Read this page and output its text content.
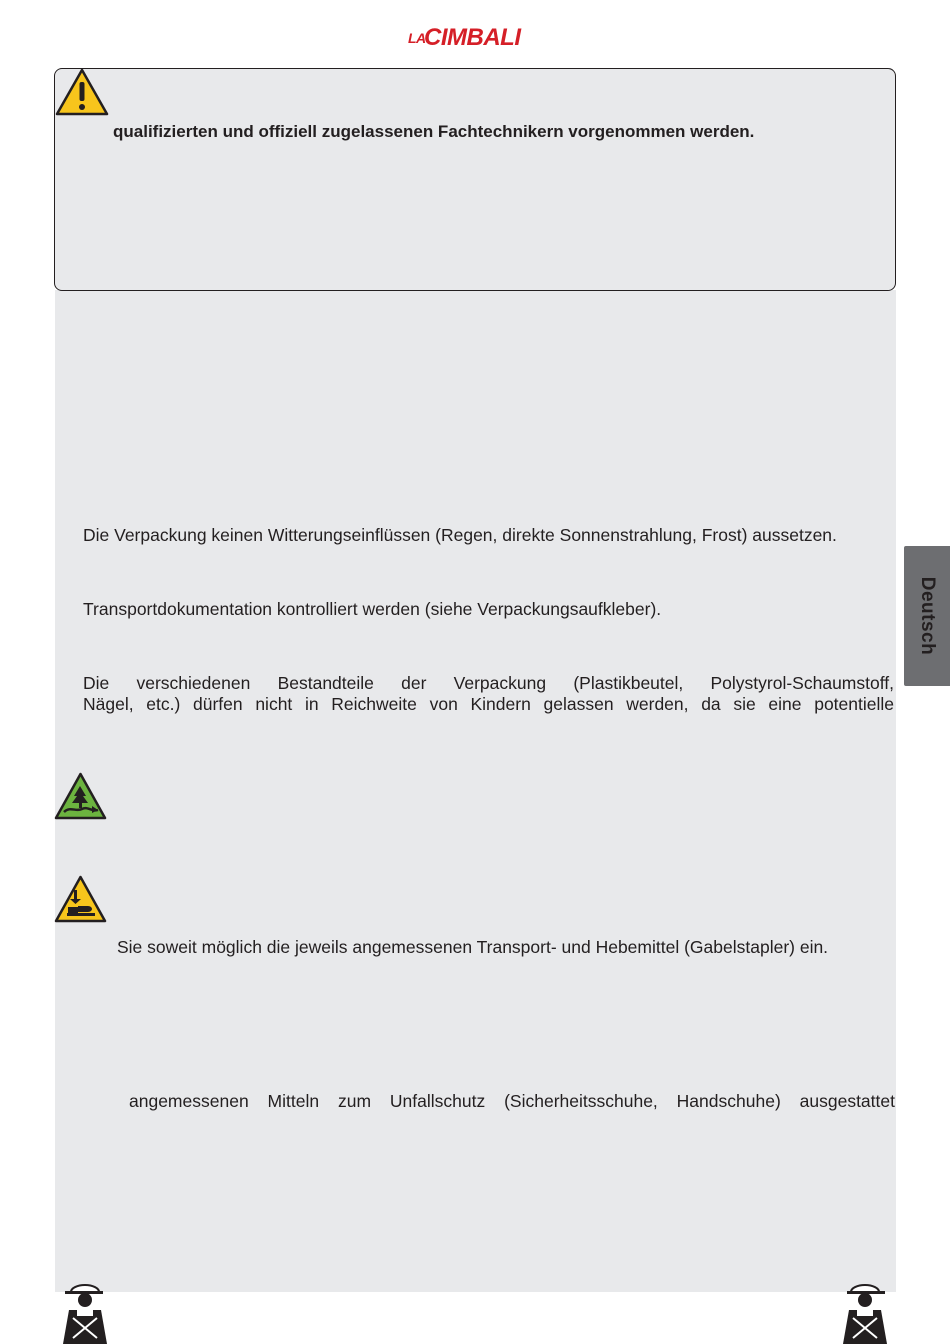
LA
CIMBALI

qualifizierten und offiziell zugelassenen Fachtechnikern vorgenommen werden.

Die Verpackung keinen Witterungseinflüssen (Regen, direkte Sonnenstrahlung, Frost) aussetzen.

Transportdokumentation kontrolliert werden (siehe Verpackungsaufkleber).

Die verschiedenen Bestandteile der Verpackung (Plastikbeutel, Polystyrol-Schaumstoff,

Nägel, etc.) dürfen nicht in Reichweite von Kindern gelassen werden, da sie eine potentielle

Sie soweit möglich die jeweils angemessenen Transport- und Hebemittel (Gabelstapler) ein.

angemessenen Mitteln zum Unfallschutz (Sicherheitsschuhe, Handschuhe) ausgestattet

Deutsch
